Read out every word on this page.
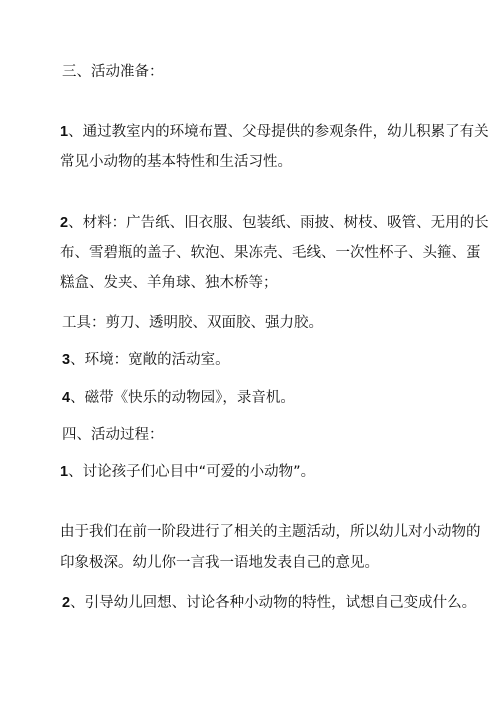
三、活动准备：
1、通过教室内的环境布置、父母提供的参观条件，幼儿积累了有关
常见小动物的基本特性和生活习性。
2、材料：广告纸、旧衣服、包装纸、雨披、树枝、吸管、无用的长
布、雪碧瓶的盖子、软泡、果冻壳、毛线、一次性杯子、头箍、蛋
糕盒、发夹、羊角球、独木桥等；
工具：剪刀、透明胶、双面胶、强力胶。
3、环境：宽敞的活动室。
4、磁带《快乐的动物园》，录音机。
四、活动过程：
1、讨论孩子们心目中“可爱的小动物”。
由于我们在前一阶段进行了相关的主题活动，所以幼儿对小动物的
印象极深。幼儿你一言我一语地发表自己的意见。
2、引导幼儿回想、讨论各种小动物的特性，试想自己变成什么。
